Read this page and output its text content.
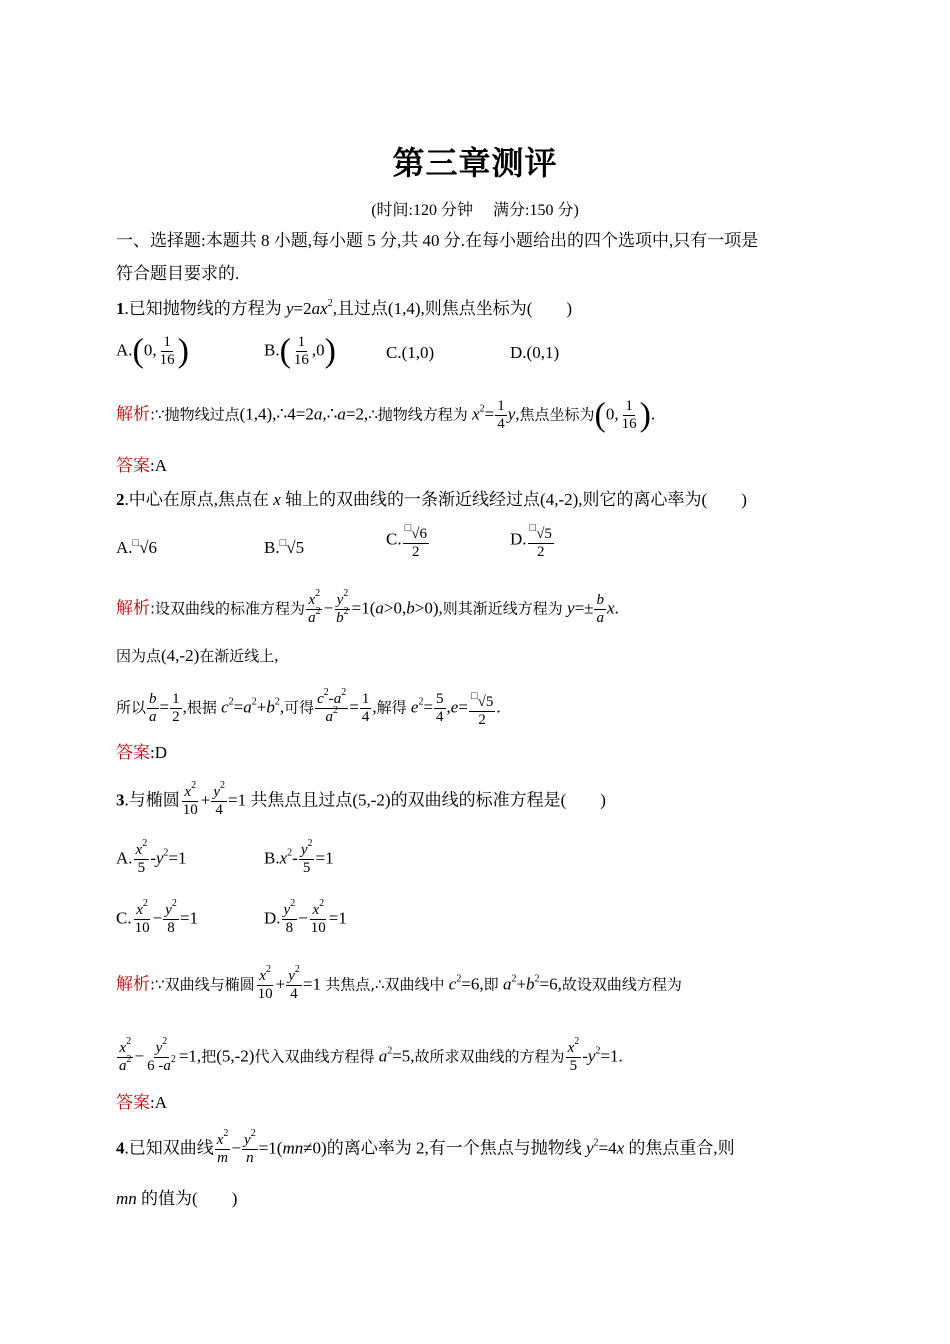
第三章测评
(时间:120 分钟　 满分:150 分)
一、选择题:本题共 8 小题,每小题 5 分,共 40 分.在每小题给出的四个选项中,只有一项是
符合题目要求的.
1.已知抛物线的方程为 $y=2ax^2$,且过点(1,4),则焦点坐标为(　　)
A.(0, $\frac{1}{16}$ )	$B.( \frac{1}{16} ,0)$	C.(1,0)	D.(0,1)
解析:∵抛物线过点(1,4),∴4=2a,∴a=2,∴抛物线方程为 $x^2= \frac{1}{4} y$,焦点坐标为(0, $\frac{1}{16}$ ).
答案:A
2.中心在原点,焦点在 x 轴上的双曲线的一条渐近线经过点(4,-2),则它的离心率为(　　)
A.□√6	B.□√5	C. $\frac{^□√6}{2}$	D. $\frac{^□√5}{2}$
解析:设双曲线的标准方程为 $\frac{x^2}{a^2} - \frac{y^2}{b^2} =1(a>0,b>0)$,则其渐近线方程为 $y=\pm \frac{b}{a} x$.
因为点(4,-2)在渐近线上,
所以 $\frac{b}{a} = \frac{1}{2}$ ,根据 $c^2=a^2+b^2$,可得 $\frac{c^2-a^2}{a^2} = \frac{1}{4}$ ,解得 $e^2= \frac{5}{4} ,e= \frac{^□√5}{2}$ .
答案:D
3.与椭圆 $\frac{x^2}{10} + \frac{y^2}{4} =1$ 共焦点且过点(5,-2)的双曲线的标准方程是(　　)
A. $\frac{x^2}{5} -y^2=1$	$B.x^2- \frac{y^2}{5} =1$
C. $\frac{x^2}{10} - \frac{y^2}{8} =1$	D. $\frac{y^2}{8} - \frac{x^2}{10} =1$
解析:∵双曲线与椭圆 $\frac{x^2}{10} + \frac{y^2}{4} =1$ 共焦点,∴双曲线中 $c^2=6$,即 $a^2+b^2=6$,故设双曲线方程为
$\frac{x^2}{a^2} - \frac{y^2}{6 -a^2} =1$,把(5,-2)代入双曲线方程得 $a^2=5$,故所求双曲线的方程为 $\frac{x^2}{5} -y^2=1$.
答案:A
4.已知双曲线 $\frac{x^2}{m} - \frac{y^2}{n} =1(mn\ne 0)$的离心率为 2,有一个焦点与抛物线 $y^2=4x$ 的焦点重合,则
mn 的值为(　　)
